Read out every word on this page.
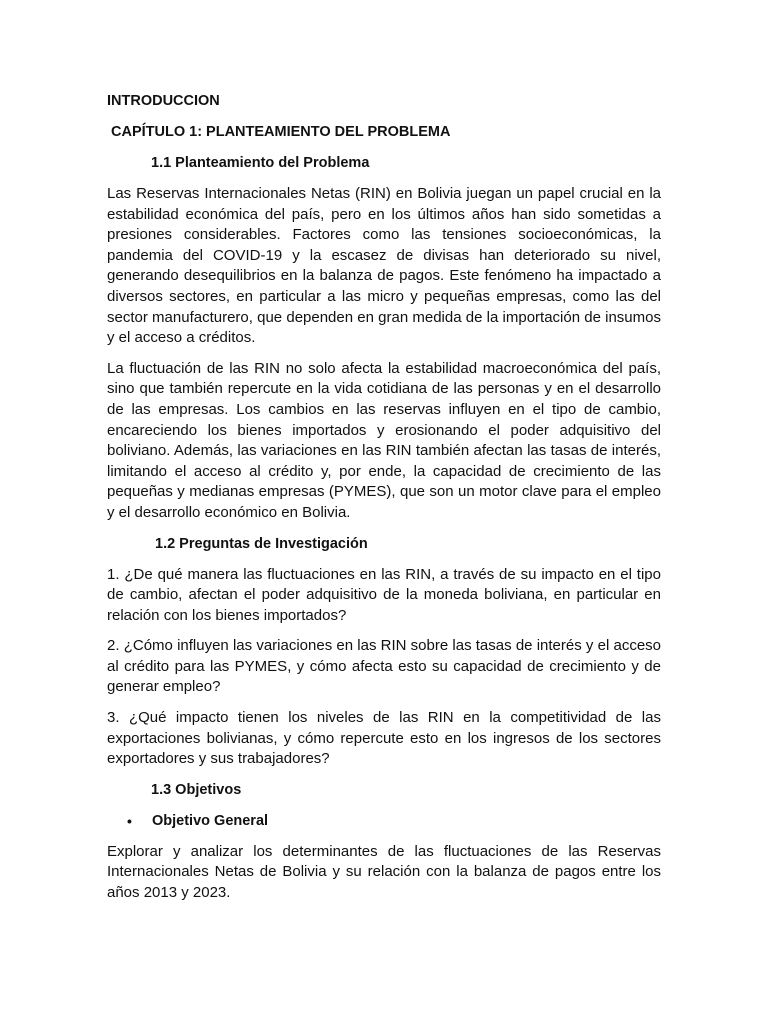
INTRODUCCION
CAPÍTULO 1: PLANTEAMIENTO DEL PROBLEMA
1.1 Planteamiento del Problema

Las Reservas Internacionales Netas (RIN) en Bolivia juegan un papel crucial en la estabilidad económica del país, pero en los últimos años han sido sometidas a presiones considerables. Factores como las tensiones socioeconómicas, la pandemia del COVID-19 y la escasez de divisas han deteriorado su nivel, generando desequilibrios en la balanza de pagos. Este fenómeno ha impactado a diversos sectores, en particular a las micro y pequeñas empresas, como las del sector manufacturero, que dependen en gran medida de la importación de insumos y el acceso a créditos.

La fluctuación de las RIN no solo afecta la estabilidad macroeconómica del país, sino que también repercute en la vida cotidiana de las personas y en el desarrollo de las empresas. Los cambios en las reservas influyen en el tipo de cambio, encareciendo los bienes importados y erosionando el poder adquisitivo del boliviano. Además, las variaciones en las RIN también afectan las tasas de interés, limitando el acceso al crédito y, por ende, la capacidad de crecimiento de las pequeñas y medianas empresas (PYMES), que son un motor clave para el empleo y el desarrollo económico en Bolivia.

1.2 Preguntas de Investigación

1. ¿De qué manera las fluctuaciones en las RIN, a través de su impacto en el tipo de cambio, afectan el poder adquisitivo de la moneda boliviana, en particular en relación con los bienes importados?

2. ¿Cómo influyen las variaciones en las RIN sobre las tasas de interés y el acceso al crédito para las PYMES, y cómo afecta esto su capacidad de crecimiento y de generar empleo?

3. ¿Qué impacto tienen los niveles de las RIN en la competitividad de las exportaciones bolivianas, y cómo repercute esto en los ingresos de los sectores exportadores y sus trabajadores?

1.3 Objetivos
•	Objetivo General

Explorar y analizar los determinantes de las fluctuaciones de las Reservas Internacionales Netas de Bolivia y su relación con la balanza de pagos entre los años 2013 y 2023.
